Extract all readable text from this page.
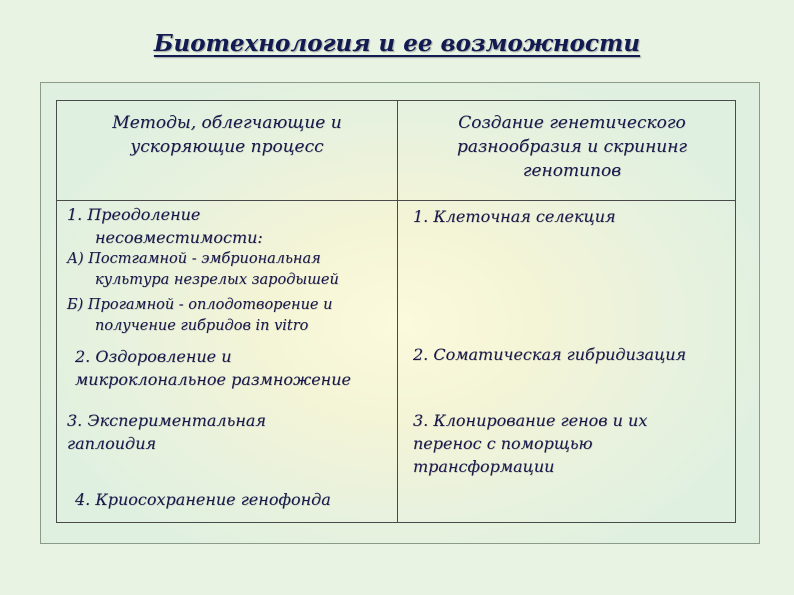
Биотехнология и ее возможности
Методы, облегчающие и ускоряющие процесс
Создание генетического разнообразия и скрининг генотипов
1. Преодоление
несовместимости:
А) Постгамной - эмбриональная
культура незрелых зародышей
Б) Прогамной - оплодотворение и
получение гибридов in vitro
2. Оздоровление и
микроклональное размножение
3. Экспериментальная
гаплоидия
4. Криосохранение генофонда
1. Клеточная селекция
2. Соматическая гибридизация
3. Клонирование генов и их
перенос с поморщью
трансформации
